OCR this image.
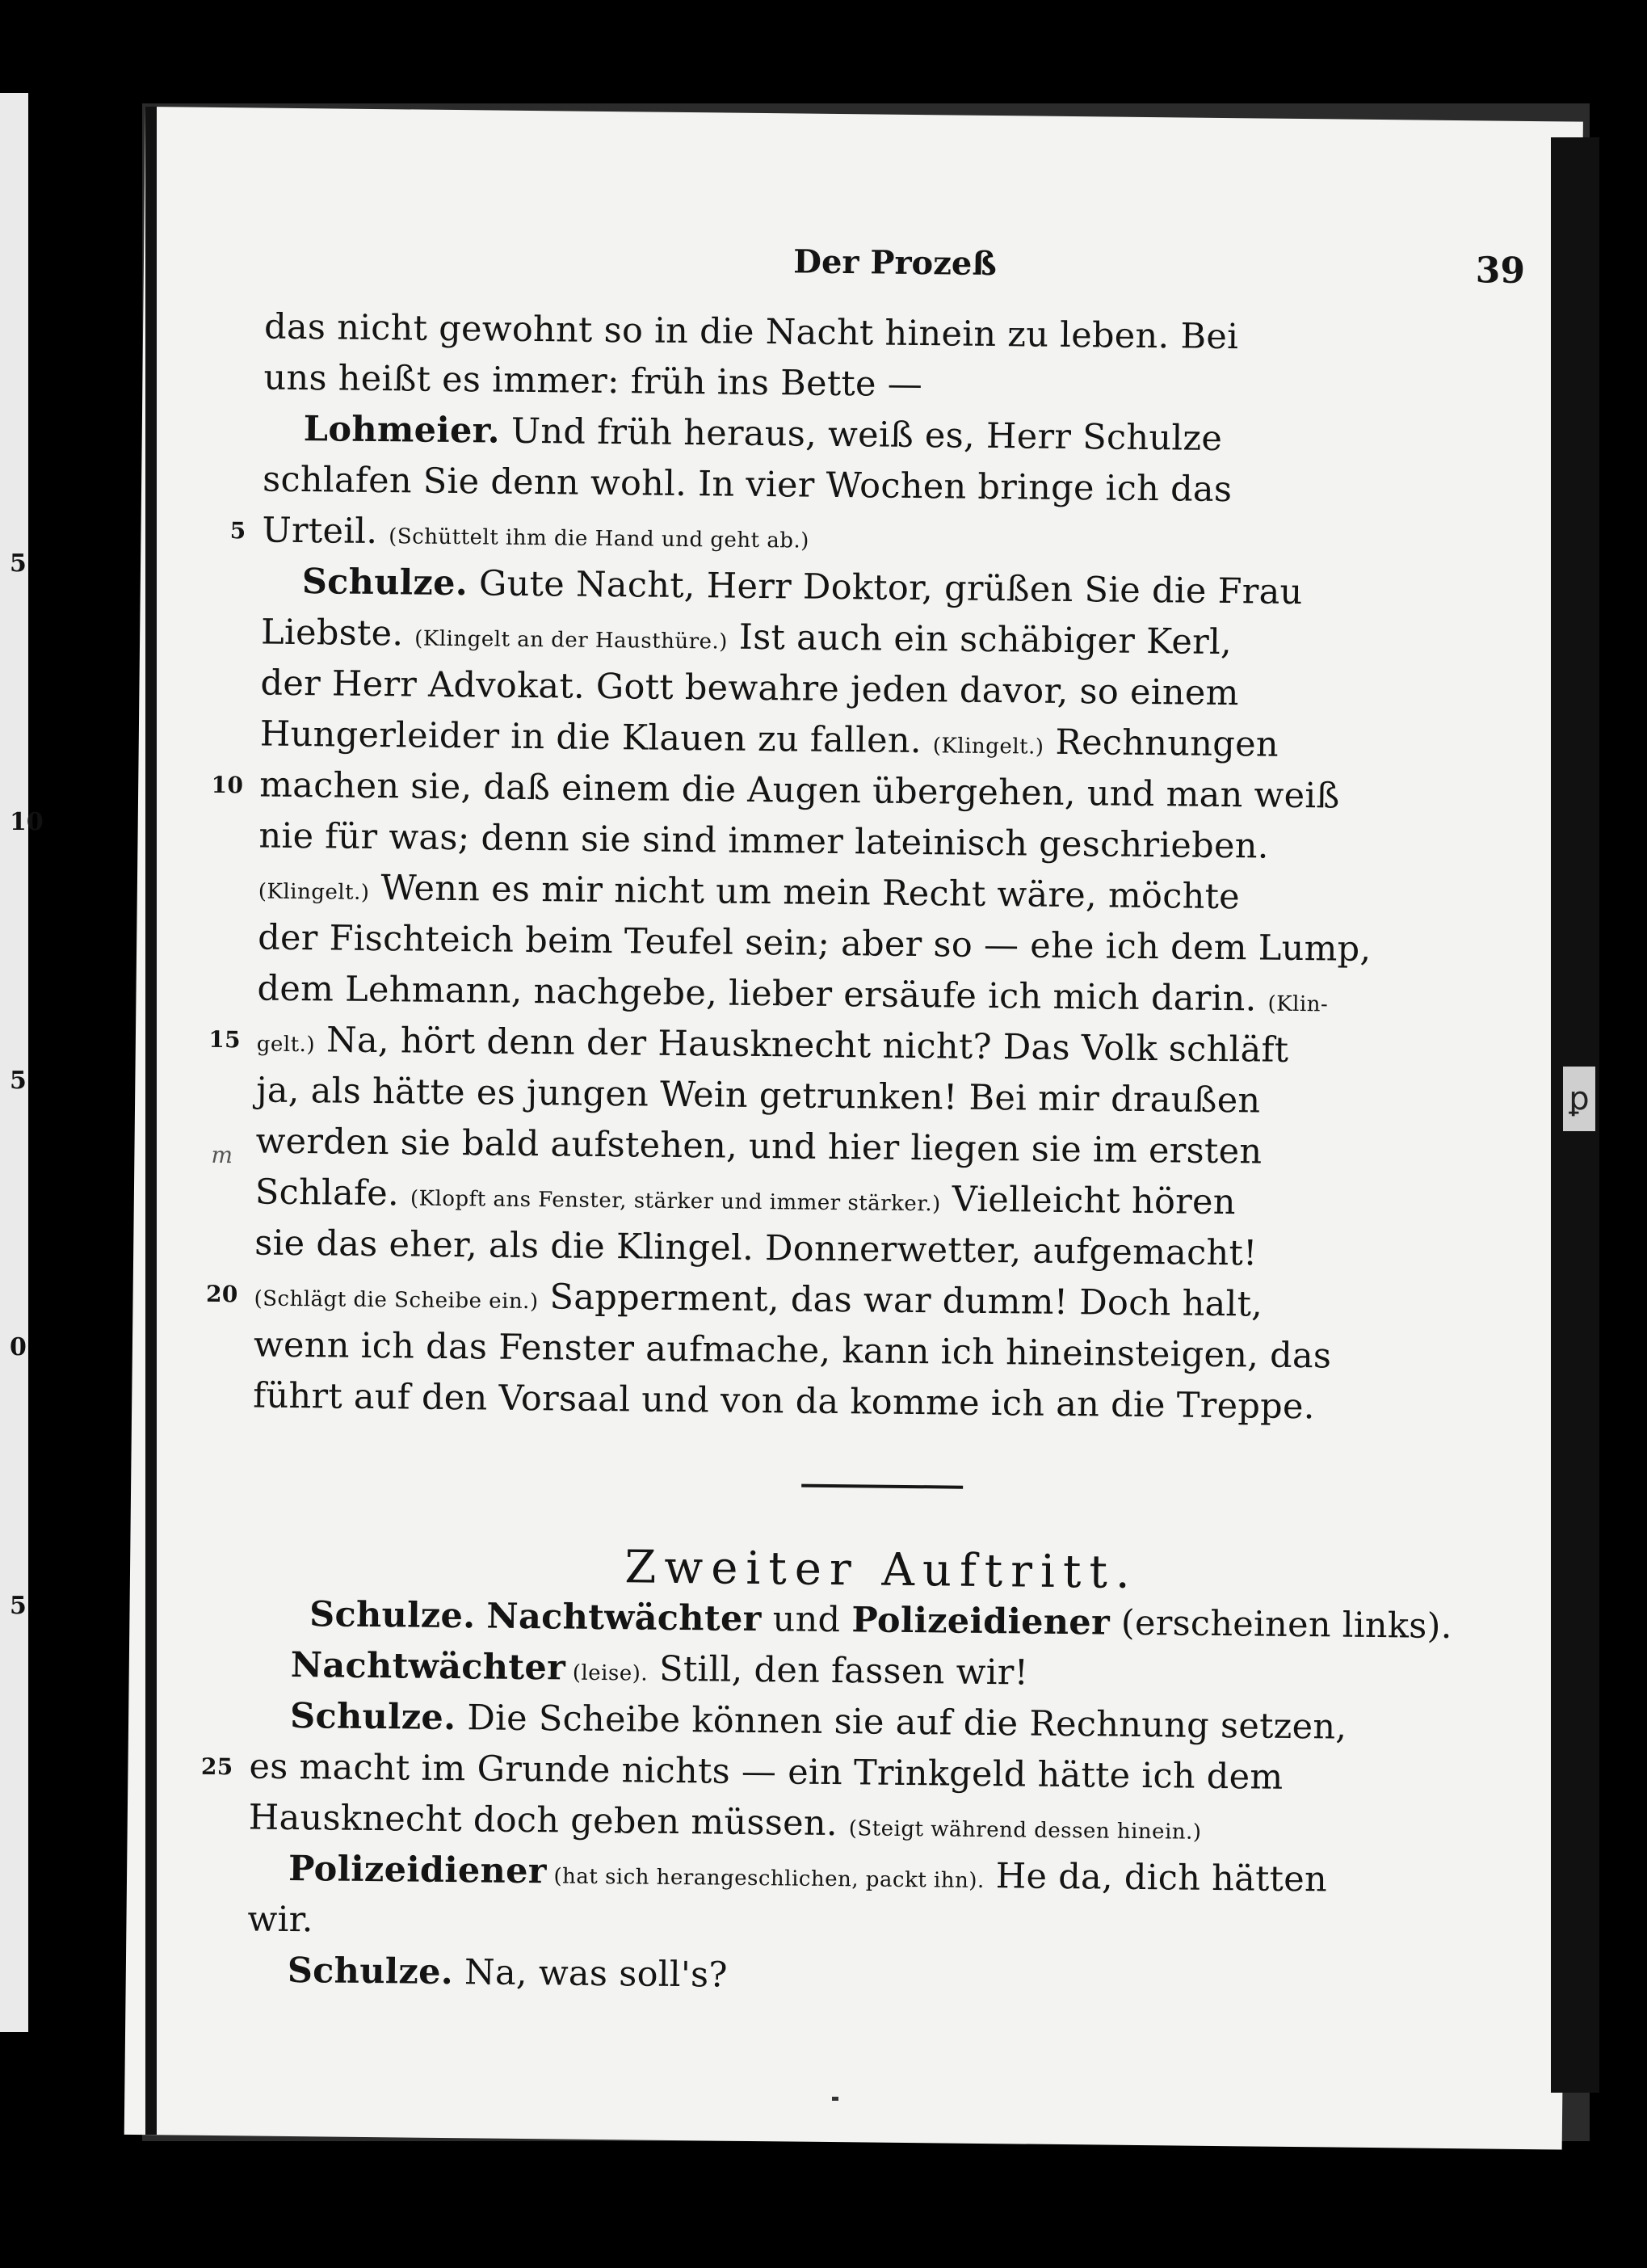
5
10
5
0
5
Der Prozeß	39
das nicht gewohnt so in die Nacht hinein zu leben. Bei
uns heißt es immer: früh ins Bette —
Lohmeier. Und früh heraus, weiß es, Herr Schulze
schlafen Sie denn wohl. In vier Wochen bringe ich das
5 Urteil. (Schüttelt ihm die Hand und geht ab.)
Schulze. Gute Nacht, Herr Doktor, grüßen Sie die Frau
Liebste. (Klingelt an der Hausthüre.) Ist auch ein schäbiger Kerl,
der Herr Advokat. Gott bewahre jeden davor, so einem
Hungerleider in die Klauen zu fallen. (Klingelt.) Rechnungen
10 machen sie, daß einem die Augen übergehen, und man weiß
nie für was; denn sie sind immer lateinisch geschrieben.
(Klingelt.) Wenn es mir nicht um mein Recht wäre, möchte
der Fischteich beim Teufel sein; aber so — ehe ich dem Lump,
dem Lehmann, nachgebe, lieber ersäufe ich mich darin. (Klin-
15 gelt.) Na, hört denn der Hausknecht nicht? Das Volk schläft
ja, als hätte es jungen Wein getrunken! Bei mir draußen
werden sie bald aufstehen, und hier liegen sie im ersten
Schlafe. (Klopft ans Fenster, stärker und immer stärker.) Vielleicht hören
sie das eher, als die Klingel. Donnerwetter, aufgemacht!
20 (Schlägt die Scheibe ein.) Sapperment, das war dumm! Doch halt,
wenn ich das Fenster aufmache, kann ich hineinsteigen, das
führt auf den Vorsaal und von da komme ich an die Treppe.
Zweiter Auftritt.
Schulze. Nachtwächter und Polizeidiener (erscheinen links).
Nachtwächter (leise). Still, den fassen wir!
Schulze. Die Scheibe können sie auf die Rechnung setzen,
25 es macht im Grunde nichts — ein Trinkgeld hätte ich dem
Hausknecht doch geben müssen. (Steigt während dessen hinein.)
Polizeidiener (hat sich herangeschlichen, packt ihn). He da, dich hätten
wir.
Schulze. Na, was soll's?
m
ꝑ
